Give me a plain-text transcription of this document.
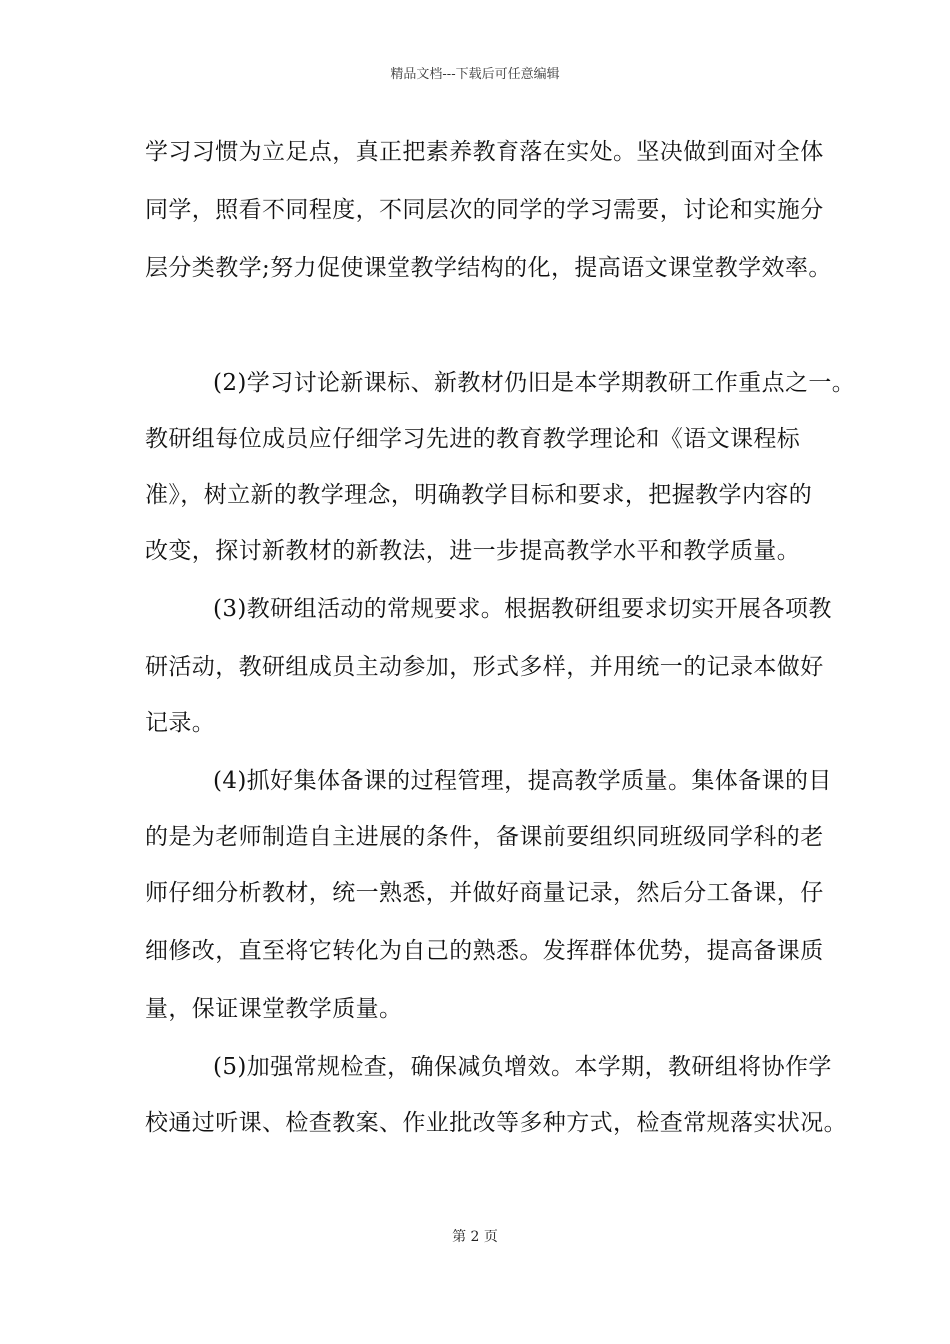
精品文档---下载后可任意编辑
学习习惯为立足点，真正把素养教育落在实处。坚决做到面对全体
同学，照看不同程度，不同层次的同学的学习需要，讨论和实施分
层分类教学;努力促使课堂教学结构的化，提高语文课堂教学效率。
(2)学习讨论新课标、新教材仍旧是本学期教研工作重点之一。
教研组每位成员应仔细学习先进的教育教学理论和《语文课程标
准》，树立新的教学理念，明确教学目标和要求，把握教学内容的
改变，探讨新教材的新教法，进一步提高教学水平和教学质量。
(3)教研组活动的常规要求。根据教研组要求切实开展各项教
研活动，教研组成员主动参加，形式多样，并用统一的记录本做好
记录。
(4)抓好集体备课的过程管理，提高教学质量。集体备课的目
的是为老师制造自主进展的条件，备课前要组织同班级同学科的老
师仔细分析教材，统一熟悉，并做好商量记录，然后分工备课，仔
细修改，直至将它转化为自己的熟悉。发挥群体优势，提高备课质
量，保证课堂教学质量。
(5)加强常规检查，确保减负增效。本学期，教研组将协作学
校通过听课、检查教案、作业批改等多种方式，检查常规落实状况。
第 2 页
